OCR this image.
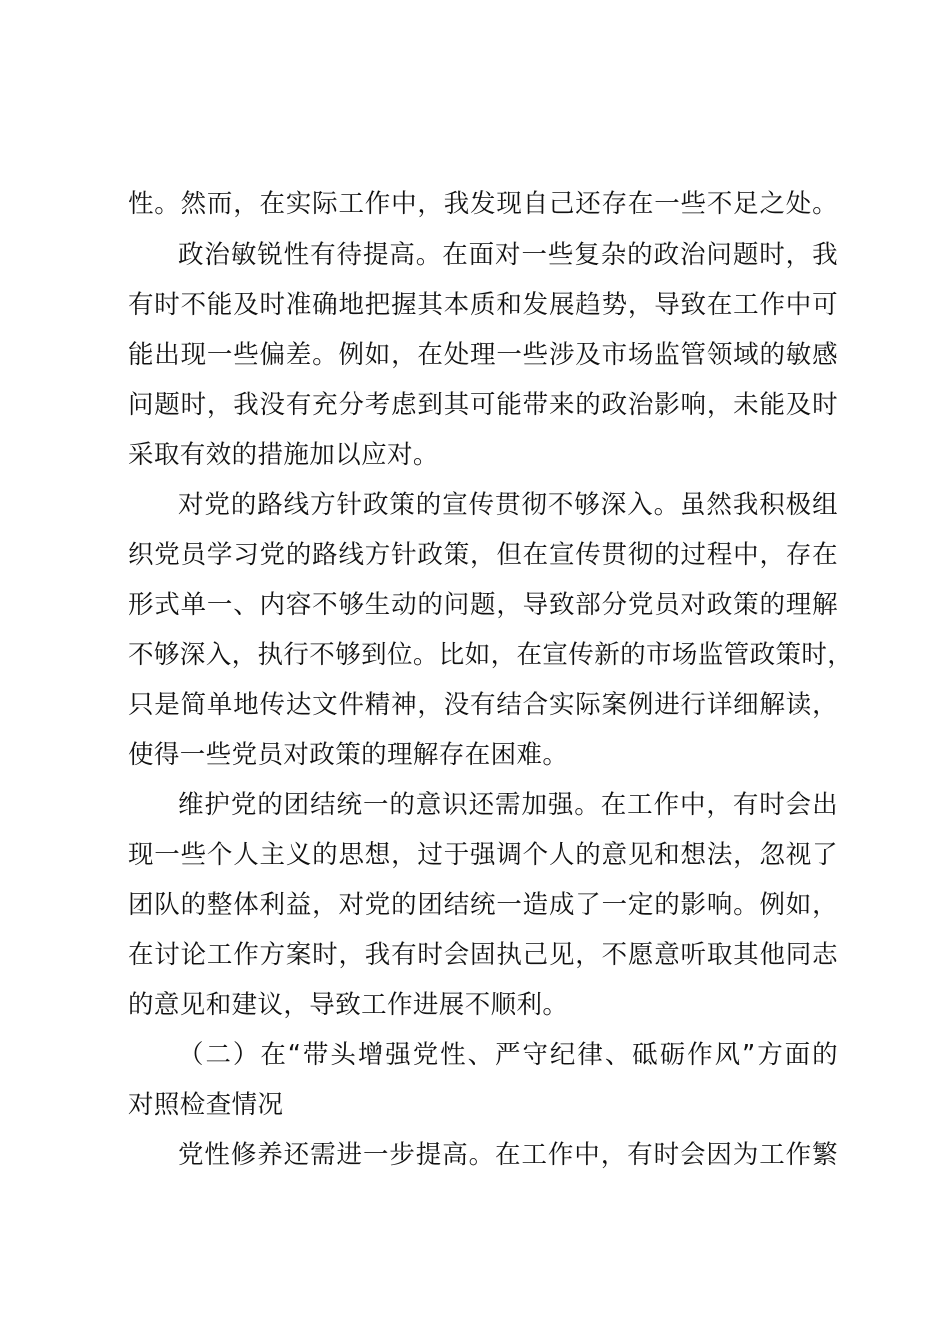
性。然而，在实际工作中，我发现自己还存在一些不足之处。
政治敏锐性有待提高。在面对一些复杂的政治问题时，我
有时不能及时准确地把握其本质和发展趋势，导致在工作中可
能出现一些偏差。例如，在处理一些涉及市场监管领域的敏感
问题时，我没有充分考虑到其可能带来的政治影响，未能及时
采取有效的措施加以应对。
对党的路线方针政策的宣传贯彻不够深入。虽然我积极组
织党员学习党的路线方针政策，但在宣传贯彻的过程中，存在
形式单一、内容不够生动的问题，导致部分党员对政策的理解
不够深入，执行不够到位。比如，在宣传新的市场监管政策时，
只是简单地传达文件精神，没有结合实际案例进行详细解读，
使得一些党员对政策的理解存在困难。
维护党的团结统一的意识还需加强。在工作中，有时会出
现一些个人主义的思想，过于强调个人的意见和想法，忽视了
团队的整体利益，对党的团结统一造成了一定的影响。例如，
在讨论工作方案时，我有时会固执己见，不愿意听取其他同志
的意见和建议，导致工作进展不顺利。
（二）在“带头增强党性、严守纪律、砥砺作风”方面的
对照检查情况
党性修养还需进一步提高。在工作中，有时会因为工作繁
